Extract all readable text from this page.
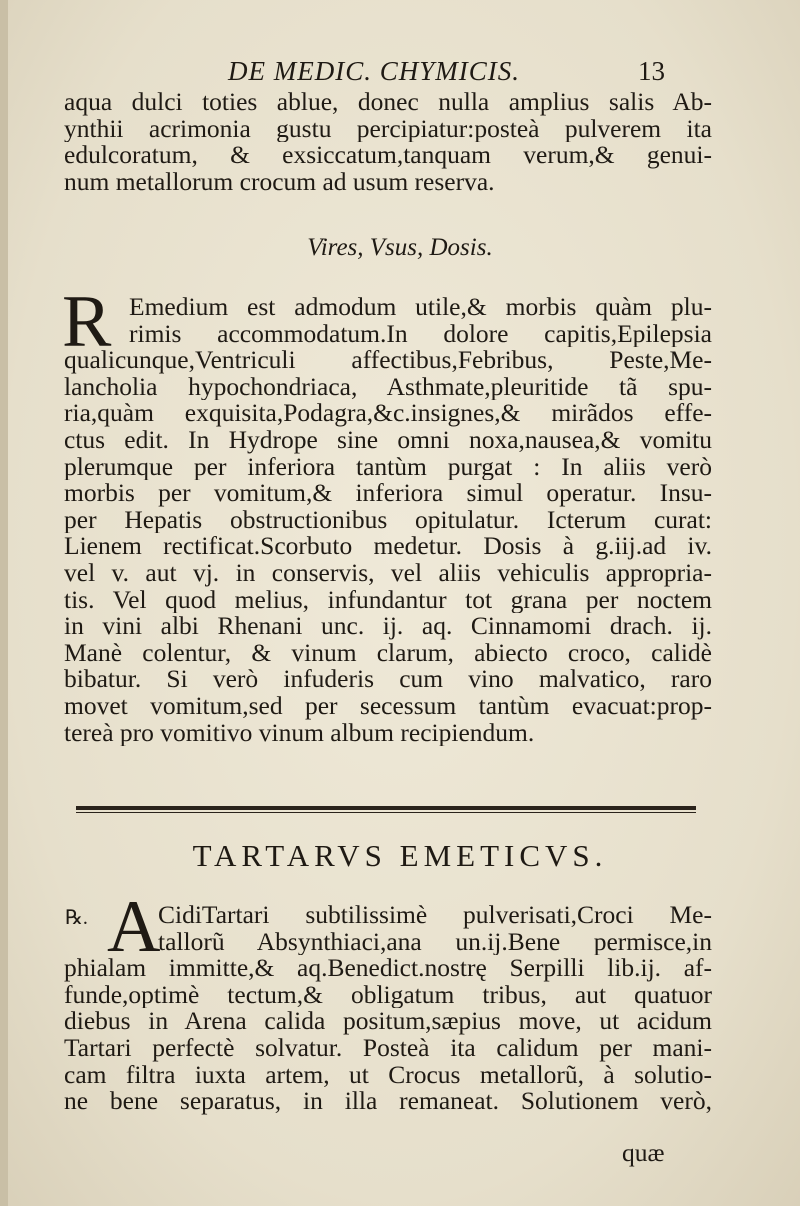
DE MEDIC. CHYMICIS.	13
aqua dulci toties ablue, donec nulla amplius salis Ab-
ynthii acrimonia gustu percipiatur:posteà pulverem ita
edulcoratum, & exsiccatum,tanquam verum,& genui-
num metallorum crocum ad usum reserva.
Vires, Vsus, Dosis.
R Emedium est admodum utile,& morbis quàm plu-
rimis accommodatum.In dolore capitis,Epilepsia
qualicunque,Ventriculi affectibus,Febribus, Peste,Me-
lancholia hypochondriaca, Asthmate,pleuritide tã spu-
ria,quàm exquisita,Podagra,&c.insignes,& mirãdos effe-
ctus edit. In Hydrope sine omni noxa,nausea,& vomitu
plerumque per inferiora tantùm purgat : In aliis verò
morbis per vomitum,& inferiora simul operatur. Insu-
per Hepatis obstructionibus opitulatur. Icterum curat:
Lienem rectificat.Scorbuto medetur. Dosis à g.iij.ad iv.
vel v. aut vj. in conservis, vel aliis vehiculis appropria-
tis. Vel quod melius, infundantur tot grana per noctem
in vini albi Rhenani unc. ij. aq. Cinnamomi drach. ij.
Manè colentur, & vinum clarum, abiecto croco, calidè
bibatur. Si verò infuderis cum vino malvatico, raro
movet vomitum,sed per secessum tantùm evacuat:prop-
tereà pro vomitivo vinum album recipiendum.
TARTARVS EMETICVS.
℞. A
CidiTartari subtilissimè pulverisati,Croci Me-
tallorũ Absynthiaci,ana un.ij.Bene permisce,in
phialam immitte,& aq.Benedict.nostrę Serpilli lib.ij. af-
funde,optimè tectum,& obligatum tribus, aut quatuor
diebus in Arena calida positum,sæpius move, ut acidum
Tartari perfectè solvatur. Posteà ita calidum per mani-
cam filtra iuxta artem, ut Crocus metallorũ, à solutio-
ne bene separatus, in illa remaneat. Solutionem verò,
quæ
